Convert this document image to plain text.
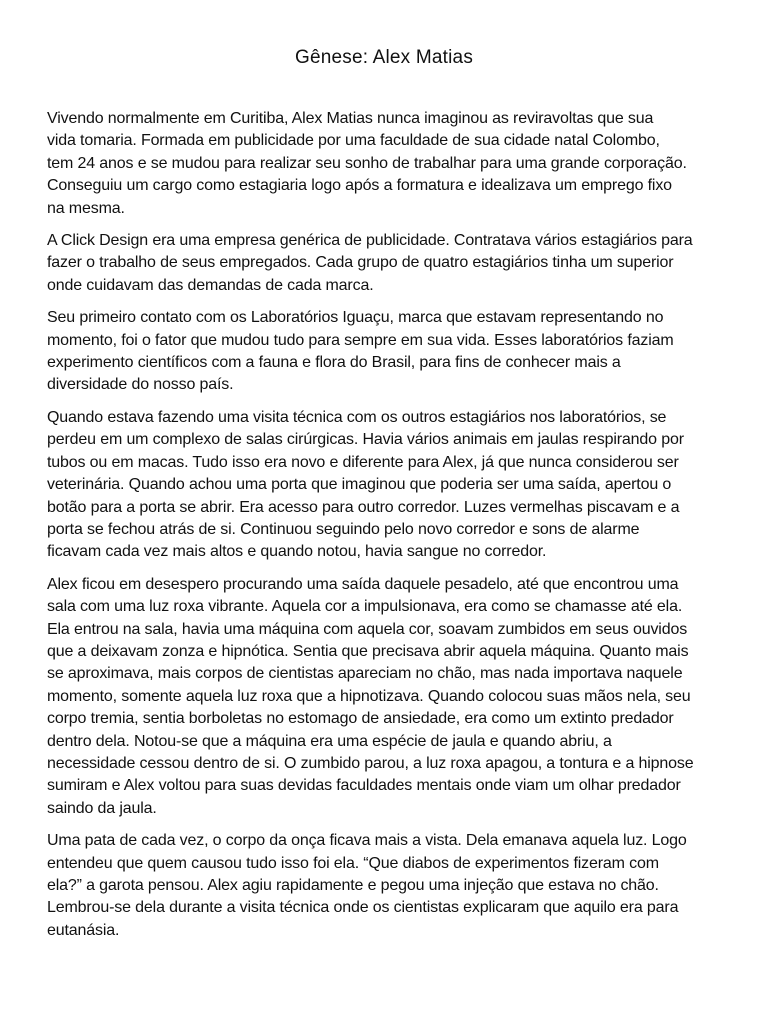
Gênese: Alex Matias

Vivendo normalmente em Curitiba, Alex Matias nunca imaginou as reviravoltas que sua
vida tomaria. Formada em publicidade por uma faculdade de sua cidade natal Colombo,
tem 24 anos e se mudou para realizar seu sonho de trabalhar para uma grande corporação.
Conseguiu um cargo como estagiaria logo após a formatura e idealizava um emprego fixo
na mesma.

A Click Design era uma empresa genérica de publicidade. Contratava vários estagiários para
fazer o trabalho de seus empregados. Cada grupo de quatro estagiários tinha um superior
onde cuidavam das demandas de cada marca.

Seu primeiro contato com os Laboratórios Iguaçu, marca que estavam representando no
momento, foi o fator que mudou tudo para sempre em sua vida. Esses laboratórios faziam
experimento científicos com a fauna e flora do Brasil, para fins de conhecer mais a
diversidade do nosso país.

Quando estava fazendo uma visita técnica com os outros estagiários nos laboratórios, se
perdeu em um complexo de salas cirúrgicas. Havia vários animais em jaulas respirando por
tubos ou em macas. Tudo isso era novo e diferente para Alex, já que nunca considerou ser
veterinária. Quando achou uma porta que imaginou que poderia ser uma saída, apertou o
botão para a porta se abrir. Era acesso para outro corredor. Luzes vermelhas piscavam e a
porta se fechou atrás de si. Continuou seguindo pelo novo corredor e sons de alarme
ficavam cada vez mais altos e quando notou, havia sangue no corredor.

Alex ficou em desespero procurando uma saída daquele pesadelo, até que encontrou uma
sala com uma luz roxa vibrante. Aquela cor a impulsionava, era como se chamasse até ela.
Ela entrou na sala, havia uma máquina com aquela cor, soavam zumbidos em seus ouvidos
que a deixavam zonza e hipnótica. Sentia que precisava abrir aquela máquina. Quanto mais
se aproximava, mais corpos de cientistas apareciam no chão, mas nada importava naquele
momento, somente aquela luz roxa que a hipnotizava. Quando colocou suas mãos nela, seu
corpo tremia, sentia borboletas no estomago de ansiedade, era como um extinto predador
dentro dela. Notou-se que a máquina era uma espécie de jaula e quando abriu, a
necessidade cessou dentro de si. O zumbido parou, a luz roxa apagou, a tontura e a hipnose
sumiram e Alex voltou para suas devidas faculdades mentais onde viam um olhar predador
saindo da jaula.

Uma pata de cada vez, o corpo da onça ficava mais a vista. Dela emanava aquela luz. Logo
entendeu que quem causou tudo isso foi ela. “Que diabos de experimentos fizeram com
ela?” a garota pensou. Alex agiu rapidamente e pegou uma injeção que estava no chão.
Lembrou-se dela durante a visita técnica onde os cientistas explicaram que aquilo era para
eutanásia.
